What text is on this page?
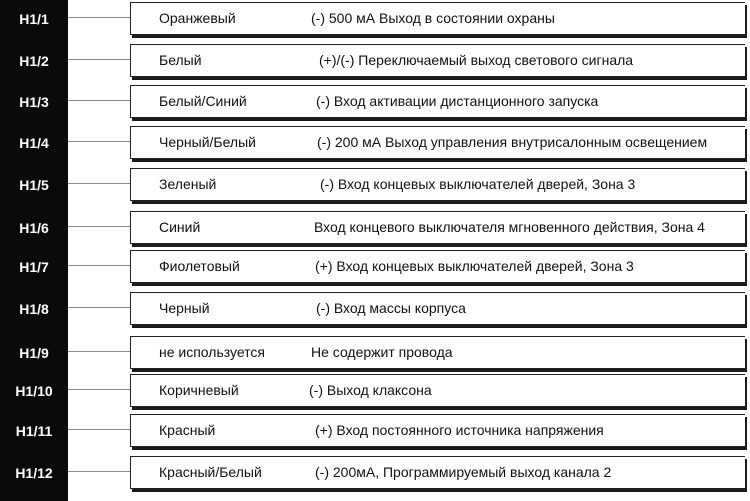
H1/1	Оранжевый	(-) 500 мА Выход в состоянии охраны
H1/2	Белый	(+)/(-) Переключаемый выход светового сигнала
H1/3	Белый/Синий	(-) Вход активации дистанционного запуска
H1/4	Черный/Белый	(-) 200 мА Выход управления внутрисалонным освещением
H1/5	Зеленый	(-) Вход концевых выключателей дверей, Зона 3
H1/6	Синий	Вход концевого выключателя мгновенного действия, Зона 4
H1/7	Фиолетовый	(+) Вход концевых выключателей дверей, Зона 3
H1/8	Черный	(-) Вход массы корпуса
H1/9	не используется	Не содержит провода
H1/10	Коричневый	(-) Выход клаксона
H1/11	Красный	(+) Вход постоянного источника напряжения
H1/12	Красный/Белый	(-) 200мА, Программируемый выход канала 2
